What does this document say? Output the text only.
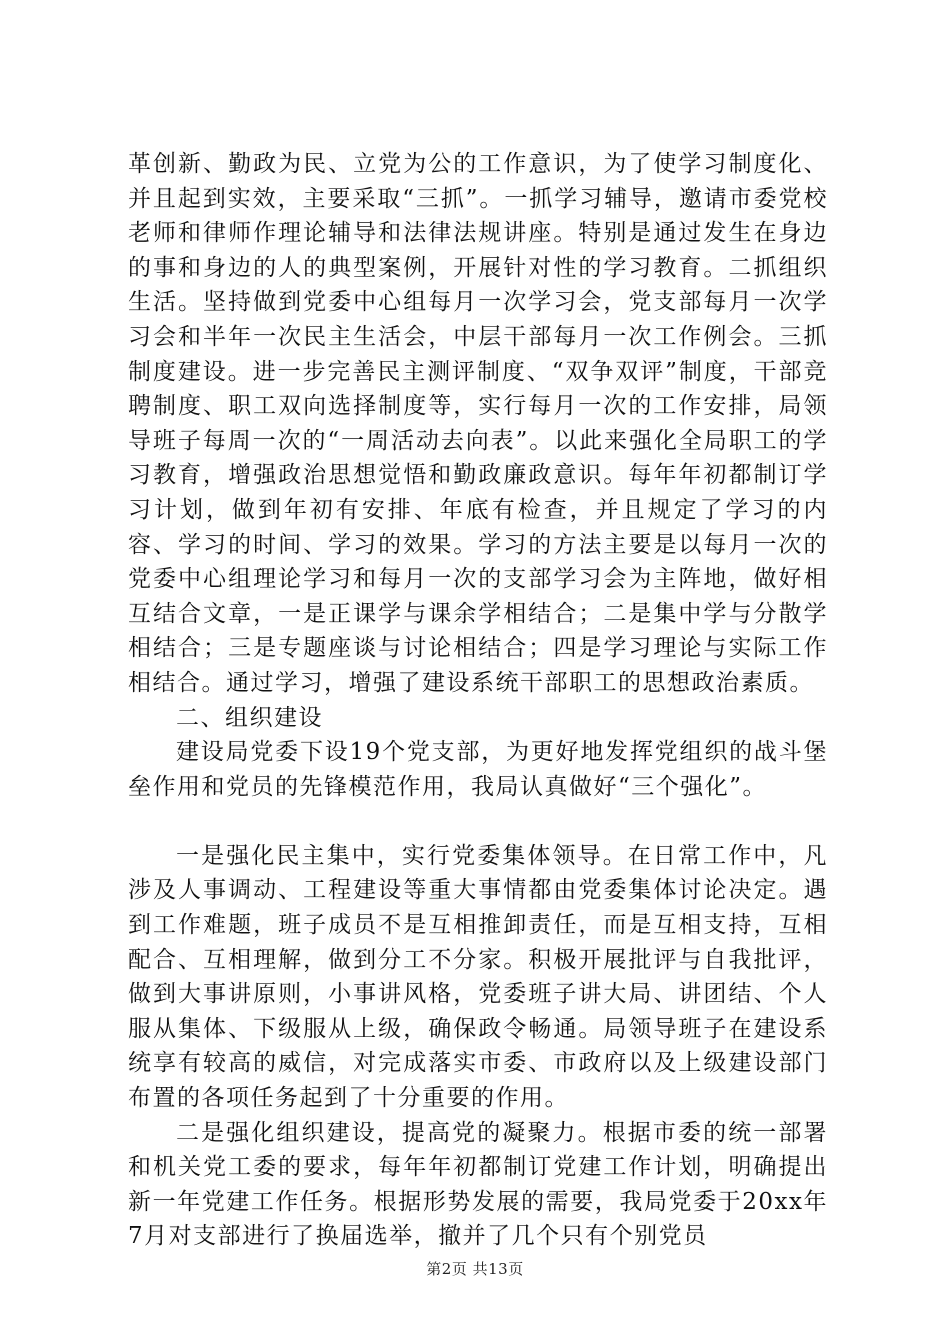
革创新、勤政为民、立党为公的工作意识，为了使学习制度化、并且起到实效，主要采取“三抓”。一抓学习辅导，邀请市委党校老师和律师作理论辅导和法律法规讲座。特别是通过发生在身边的事和身边的人的典型案例，开展针对性的学习教育。二抓组织生活。坚持做到党委中心组每月一次学习会，党支部每月一次学习会和半年一次民主生活会，中层干部每月一次工作例会。三抓制度建设。进一步完善民主测评制度、“双争双评”制度，干部竞聘制度、职工双向选择制度等，实行每月一次的工作安排，局领导班子每周一次的“一周活动去向表”。以此来强化全局职工的学习教育，增强政治思想觉悟和勤政廉政意识。每年年初都制订学习计划，做到年初有安排、年底有检查，并且规定了学习的内容、学习的时间、学习的效果。学习的方法主要是以每月一次的党委中心组理论学习和每月一次的支部学习会为主阵地，做好相互结合文章，一是正课学与课余学相结合；二是集中学与分散学相结合；三是专题座谈与讨论相结合；四是学习理论与实际工作相结合。通过学习，增强了建设系统干部职工的思想政治素质。

二、组织建设

建设局党委下设19个党支部，为更好地发挥党组织的战斗堡垒作用和党员的先锋模范作用，我局认真做好“三个强化”。

一是强化民主集中，实行党委集体领导。在日常工作中，凡涉及人事调动、工程建设等重大事情都由党委集体讨论决定。遇到工作难题，班子成员不是互相推卸责任，而是互相支持，互相配合、互相理解，做到分工不分家。积极开展批评与自我批评，做到大事讲原则，小事讲风格，党委班子讲大局、讲团结、个人服从集体、下级服从上级，确保政令畅通。局领导班子在建设系统享有较高的威信，对完成落实市委、市政府以及上级建设部门布置的各项任务起到了十分重要的作用。

二是强化组织建设，提高党的凝聚力。根据市委的统一部署和机关党工委的要求，每年年初都制订党建工作计划，明确提出新一年党建工作任务。根据形势发展的需要，我局党委于20xx年7月对支部进行了换届选举，撤并了几个只有个别党员

第2页 共13页
